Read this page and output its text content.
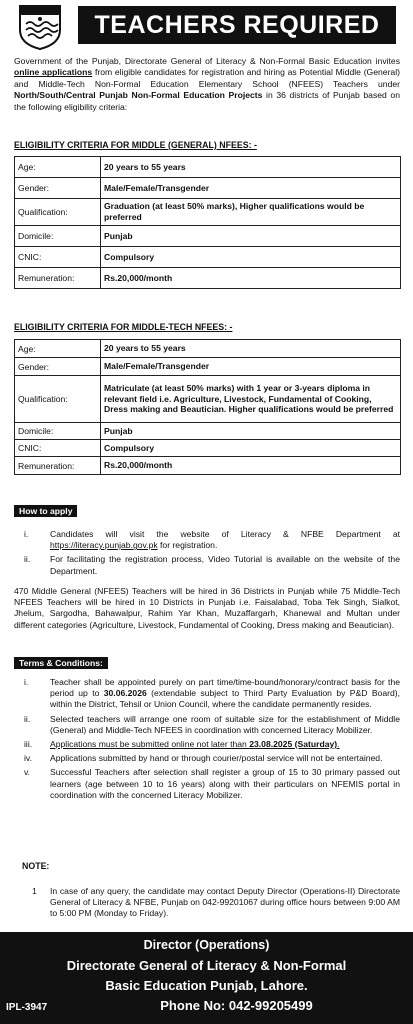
TEACHERS REQUIRED
Government of the Punjab, Directorate General of Literacy & Non-Formal Basic Education invites online applications from eligible candidates for registration and hiring as Potential Middle (General) and Middle-Tech Non-Formal Education Elementary School (NFEES) Teachers under North/South/Central Punjab Non-Formal Education Projects in 36 districts of Punjab based on the following eligibility criteria:
ELIGIBILITY CRITERIA FOR MIDDLE (GENERAL) NFEES: -
Age:	20 years to 55 years
Gender:	Male/Female/Transgender
Qualification:	Graduation (at least 50% marks), Higher qualifications would be preferred
Domicile:	Punjab
CNIC:	Compulsory
Remuneration:	Rs.20,000/month
ELIGIBILITY CRITERIA FOR MIDDLE-TECH NFEES: -
Age:	20 years to 55 years
Gender:	Male/Female/Transgender
Qualification:	Matriculate (at least 50% marks) with 1 year or 3-years diploma in relevant field i.e. Agriculture, Livestock, Fundamental of Cooking, Dress making and Beautician. Higher qualifications would be preferred
Domicile:	Punjab
CNIC:	Compulsory
Remuneration:	Rs.20,000/month
How to apply
i.	Candidates will visit the website of Literacy & NFBE Department at https://literacy.punjab.gov.pk for registration.
ii. For facilitating the registration process, Video Tutorial is available on the website of the Department.
470 Middle General (NFEES) Teachers will be hired in 36 Districts in Punjab while 75 Middle-Tech NFEES Teachers will be hired in 10 Districts in Punjab i.e. Faisalabad, Toba Tek Singh, Sialkot, Jhelum, Sargodha, Bahawalpur, Rahim Yar Khan, Muzaffargarh, Khanewal and Multan under different categories (Agriculture, Livestock, Fundamental of Cooking, Dress making and Beautician).
Terms & Conditions:
i.	Teacher shall be appointed purely on part time/time-bound/honorary/contract basis for the period up to 30.06.2026 (extendable subject to Third Party Evaluation by P&D Board), within the District, Tehsil or Union Council, where the candidate permanently resides.
ii. Selected teachers will arrange one room of suitable size for the establishment of Middle (General) and Middle-Tech NFEES in coordination with concerned Literacy Mobilizer.
iii. Applications must be submitted online not later than 23.08.2025 (Saturday).
iv. Applications submitted by hand or through courier/postal service will not be entertained.
v. Successful Teachers after selection shall register a group of 15 to 30 primary passed out learners (age between 10 to 16 years) along with their particulars on NFEMIS portal in coordination with the concerned Literacy Mobilizer.
NOTE:
1 In case of any query, the candidate may contact Deputy Director (Operations-II) Directorate General of Literacy & NFBE, Punjab on 042-99201067 during office hours between 9:00 AM to 5:00 PM (Monday to Friday).
Director (Operations)
Directorate General of Literacy & Non-Formal
Basic Education Punjab, Lahore.
Phone No: 042-99205499
IPL-3947
